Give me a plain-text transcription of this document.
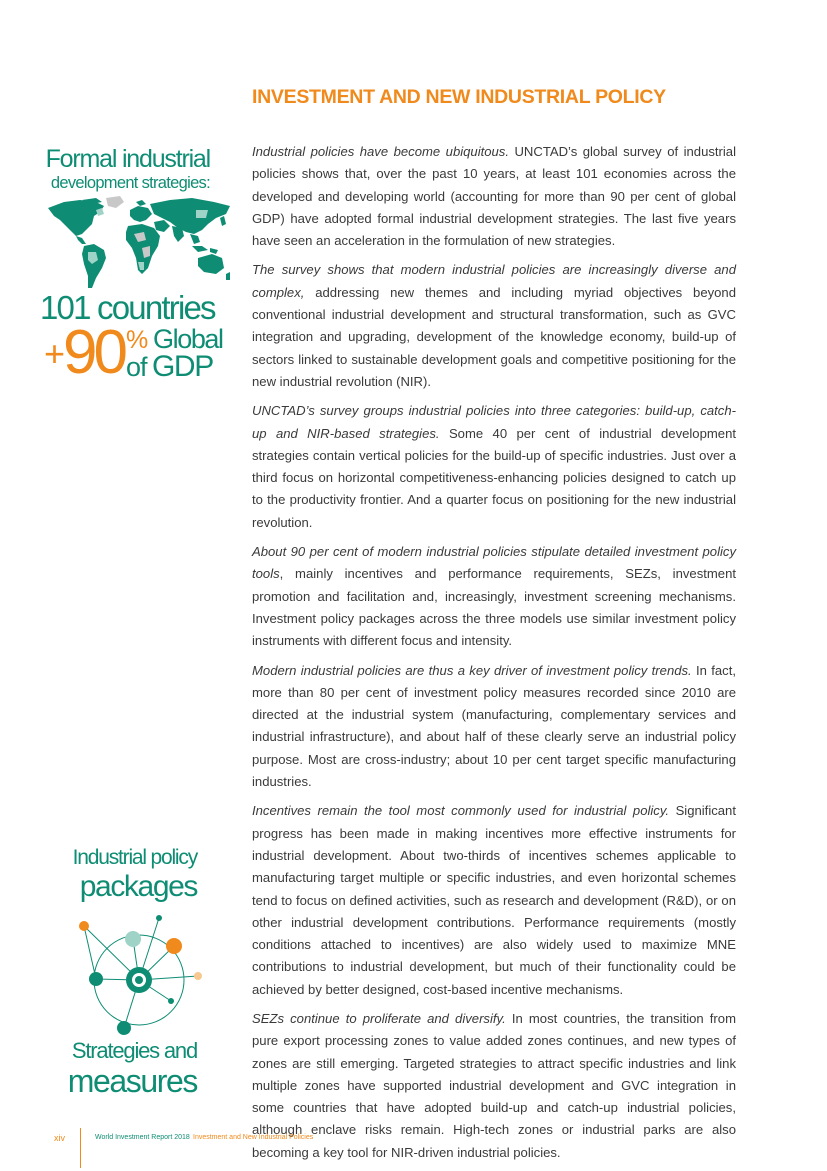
INVESTMENT AND NEW INDUSTRIAL POLICY
Formal industrial
development strategies:
101 countries
+
90 % Global
of GDP

Industrial policies have become ubiquitous. UNCTAD’s global survey of industrial policies shows that, over the past 10 years, at least 101 economies across the developed and developing world (accounting for more than 90 per cent of global GDP) have adopted formal industrial development strategies. The last five years have seen an acceleration in the formulation of new strategies.

The survey shows that modern industrial policies are increasingly diverse and complex, addressing new themes and including myriad objectives beyond conventional industrial development and structural transformation, such as GVC integration and upgrading, development of the knowledge economy, build-up of sectors linked to sustainable development goals and competitive positioning for the new industrial revolution (NIR).

UNCTAD’s survey groups industrial policies into three categories: build-up, catch-up and NIR-based strategies. Some 40 per cent of industrial development strategies contain vertical policies for the build-up of specific industries. Just over a third focus on horizontal competitiveness-enhancing policies designed to catch up to the productivity frontier. And a quarter focus on positioning for the new industrial revolution.

About 90 per cent of modern industrial policies stipulate detailed investment policy tools, mainly incentives and performance requirements, SEZs, investment promotion and facilitation and, increasingly, investment screening mechanisms. Investment policy packages across the three models use similar investment policy instruments with different focus and intensity.

Modern industrial policies are thus a key driver of investment policy trends. In fact, more than 80 per cent of investment policy measures recorded since 2010 are directed at the industrial system (manufacturing, complementary services and industrial infrastructure), and about half of these clearly serve an industrial policy purpose. Most are cross-industry; about 10 per cent target specific manufacturing industries.

Incentives remain the tool most commonly used for industrial policy. Significant progress has been made in making incentives more effective instruments for industrial development. About two-thirds of incentives schemes applicable to manufacturing target multiple or specific industries, and even horizontal schemes tend to focus on defined activities, such as research and development (R&D), or on other industrial development contributions. Performance requirements (mostly conditions attached to incentives) are also widely used to maximize MNE contributions to industrial development, but much of their functionality could be achieved by better designed, cost-based incentive mechanisms.

SEZs continue to proliferate and diversify. In most countries, the transition from pure export processing zones to value added zones continues, and new types of zones are still emerging. Targeted strategies to attract specific industries and link multiple zones have supported industrial development and GVC integration in some countries that have adopted build-up and catch-up industrial policies, although enclave risks remain. High-tech zones or industrial parks are also becoming a key tool for NIR-driven industrial policies.

Industrial policy
packages
Strategies and
measures
xiv	World Investment Report 2018 Investment and New Industrial Policies
